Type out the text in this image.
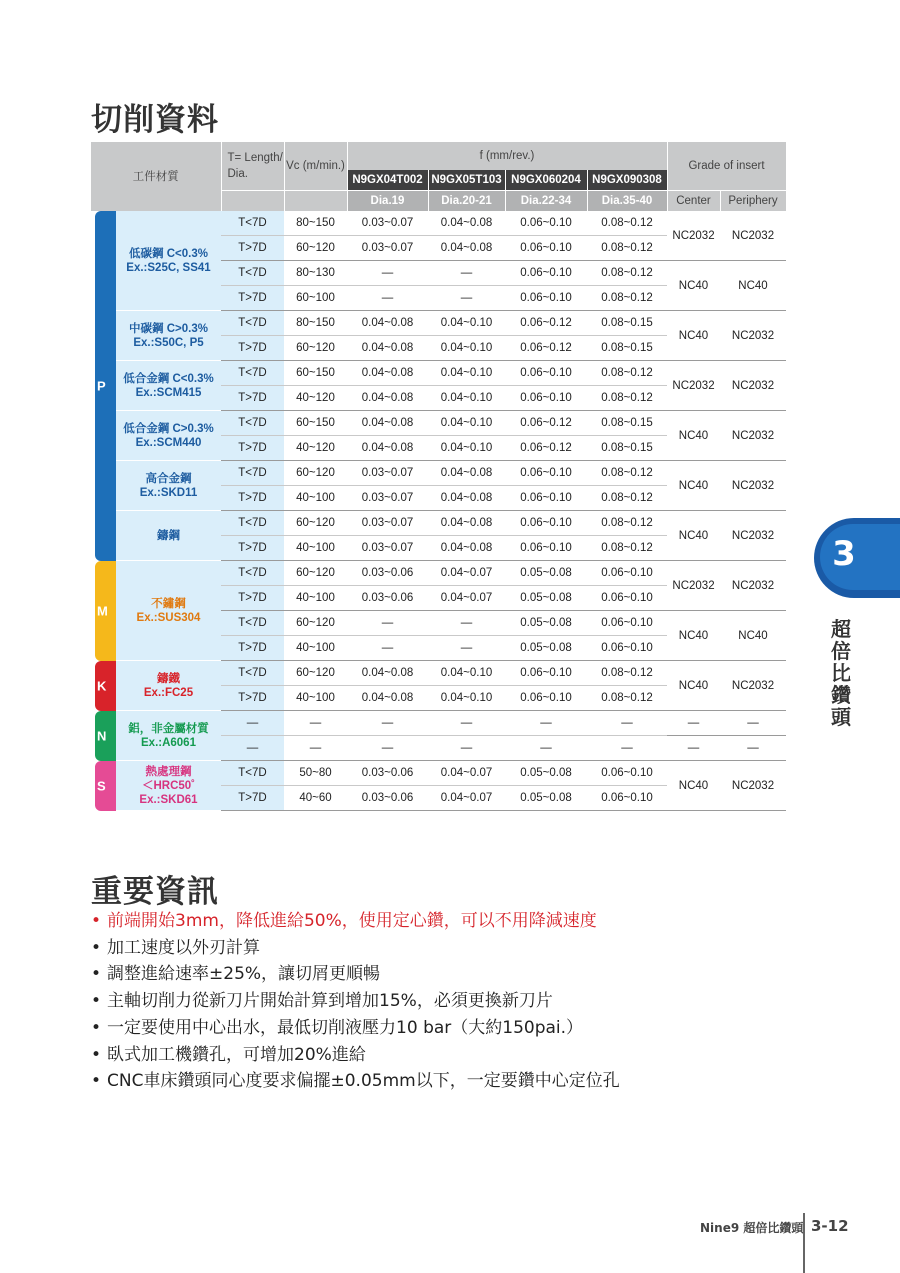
切削資料
工件材質		T= Length/ Dia.	Vc (m/min.)	f (mm/rev.)				Grade of insert	
				N9GX04T002	N9GX05T103	N9GX060204	N9GX090308		
				Dia.19	Dia.20-21	Dia.22-34	Dia.35-40	Center	Periphery

P	低碳鋼 C<0.3%
Ex.:S25C, SS41	T<7D	80~150	0.03~0.07	0.04~0.08	0.06~0.10	0.08~0.12	NC2032	NC2032
		T>7D	60~120	0.03~0.07	0.04~0.08	0.06~0.10	0.08~0.12		
		T<7D	80~130	—	—	0.06~0.10	0.08~0.12	NC40	NC40
		T>7D	60~100	—	—	0.06~0.10	0.08~0.12		

	中碳鋼 C>0.3%
Ex.:S50C, P5	T<7D	80~150	0.04~0.08	0.04~0.10	0.06~0.12	0.08~0.15	NC40	NC2032
		T>7D	60~120	0.04~0.08	0.04~0.10	0.06~0.12	0.08~0.15		

	低合金鋼 C<0.3%
Ex.:SCM415	T<7D	60~150	0.04~0.08	0.04~0.10	0.06~0.10	0.08~0.12	NC2032	NC2032
		T>7D	40~120	0.04~0.08	0.04~0.10	0.06~0.10	0.08~0.12		

	低合金鋼 C>0.3%
Ex.:SCM440	T<7D	60~150	0.04~0.08	0.04~0.10	0.06~0.12	0.08~0.15	NC40	NC2032
		T>7D	40~120	0.04~0.08	0.04~0.10	0.06~0.12	0.08~0.15		

	高合金鋼
Ex.:SKD11	T<7D	60~120	0.03~0.07	0.04~0.08	0.06~0.10	0.08~0.12	NC40	NC2032
		T>7D	40~100	0.03~0.07	0.04~0.08	0.06~0.10	0.08~0.12		

	鑄鋼	T<7D	60~120	0.03~0.07	0.04~0.08	0.06~0.10	0.08~0.12	NC40	NC2032
		T>7D	40~100	0.03~0.07	0.04~0.08	0.06~0.10	0.08~0.12		

M	不鏽鋼
Ex.:SUS304	T<7D	60~120	0.03~0.06	0.04~0.07	0.05~0.08	0.06~0.10	NC2032	NC2032
		T>7D	40~100	0.03~0.06	0.04~0.07	0.05~0.08	0.06~0.10		
		T<7D	60~120	—	—	0.05~0.08	0.06~0.10	NC40	NC40
		T>7D	40~100	—	—	0.05~0.08	0.06~0.10		

K	鑄鐵
Ex.:FC25	T<7D	60~120	0.04~0.08	0.04~0.10	0.06~0.10	0.08~0.12	NC40	NC2032
		T>7D	40~100	0.04~0.08	0.04~0.10	0.06~0.10	0.08~0.12		

N	鋁，非金屬材質
Ex.:A6061	—	—	—	—	—	—	—	—
		—	—	—	—	—	—	—	—

S	熱處理鋼
＜HRC50˚
Ex.:SKD61	T<7D	50~80	0.03~0.06	0.04~0.07	0.05~0.08	0.06~0.10	NC40	NC2032
		T>7D	40~60	0.03~0.06	0.04~0.07	0.05~0.08	0.06~0.10		
3
超倍比鑽頭
重要資訊
• 前端開始3mm，降低進給50%，使用定心鑽，可以不用降減速度
• 加工速度以外刃計算
• 調整進給速率±25%，讓切屑更順暢
• 主軸切削力從新刀片開始計算到增加15%，必須更換新刀片
• 一定要使用中心出水，最低切削液壓力10 bar（大約150pai.）
• 臥式加工機鑽孔，可增加20%進給
• CNC車床鑽頭同心度要求偏擺±0.05mm以下，一定要鑽中心定位孔
Nine9 超倍比鑽頭 3-12
